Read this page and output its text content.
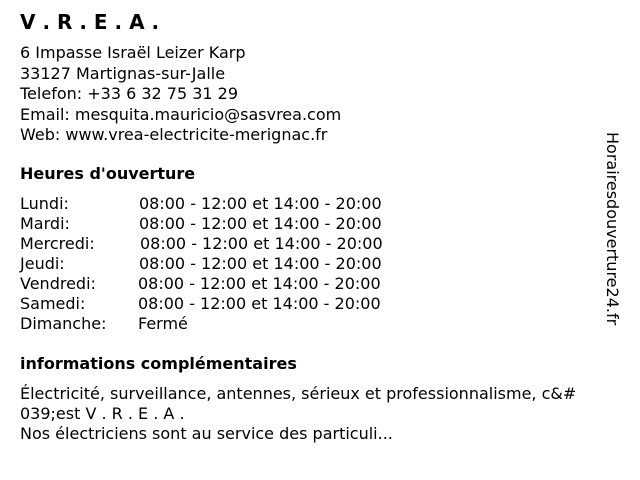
V . R . E . A .
6 Impasse Israël Leizer Karp
33127 Martignas-sur-Jalle
Telefon: +33 6 32 75 31 29
Email: mesquita.mauricio@sasvrea.com
Web: www.vrea-electricite-merignac.fr
Heures d'ouverture
Lundi:	08:00 - 12:00 et 14:00 - 20:00
Mardi:	08:00 - 12:00 et 14:00 - 20:00
Mercredi:	08:00 - 12:00 et 14:00 - 20:00
Jeudi:	08:00 - 12:00 et 14:00 - 20:00
Vendredi:	08:00 - 12:00 et 14:00 - 20:00
Samedi:	08:00 - 12:00 et 14:00 - 20:00
Dimanche: Fermé
informations complémentaires
Électricité, surveillance, antennes, sérieux et professionnalisme, c&#
039;est V . R . E . A .
Nos électriciens sont au service des particuli...
Horairesdouverture24.fr
